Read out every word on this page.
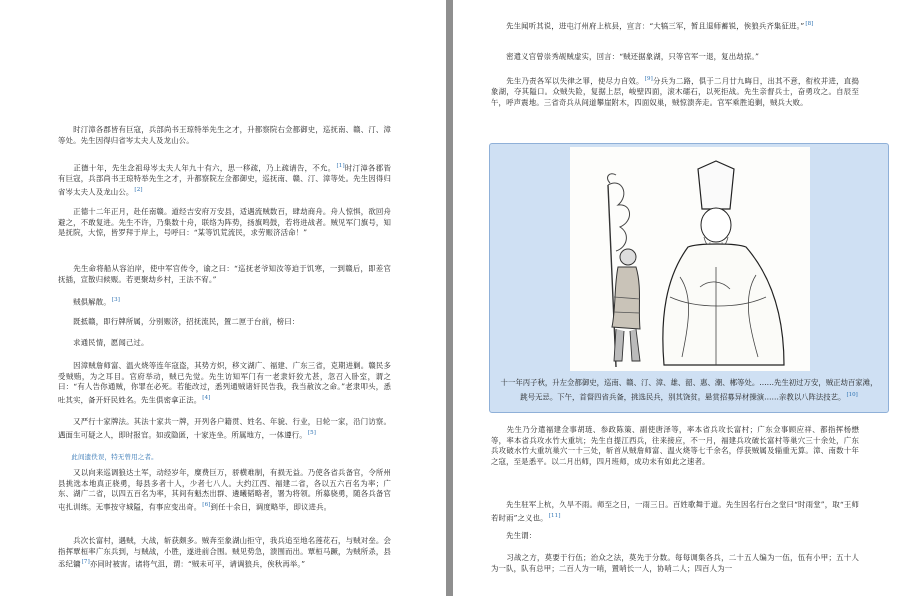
　　时汀漳各郡皆有巨寇，兵部尚书王琼特举先生之才，升都察院右佥都御史，巡抚南、赣、汀、漳等处。先生因得归省岑太夫人及龙山公。

　　正德十年，先生念祖母岑太夫人年九十有六，思一移疏，乃上疏请告，不允。[1]时汀漳各郡皆有巨寇，兵部尚书王琼特举先生之才，升都察院左佥都御史，巡抚南、赣、汀、漳等处。先生因得归省岑太夫人及龙山公。[2]

　　正德十二年正月，赴任南赣。道经吉安府万安县，适遇流贼数百，肆劫商舟。舟人惊惧，欲回舟避之，不敢复进。先生不许，乃集数十舟，联络为阵势，扬旗鸣鼓，若将进战者。贼见军门旗号，知是抚院，大惊，皆罗拜于岸上，号呼曰：“某等饥荒流民，求劳赈济活命！”

　　先生命将船从容泊岸，使中军官传令，谕之曰：“巡抚老爷知汝等迫于饥寒，一到赣后，即差官抚插，宣散归候赈。若更聚劫乡村，王法不宥。”

　　贼俱解散。[3]

　　既抵赣，即行牌所属，分别赈济，招抚流民，置二匣于台前，榜曰：

　　求通民情，愿闻己过。

　　因漳贼詹师富、温火烧等连年寇盗，其势方炽，移文湖广、福建、广东三省，克期进剿。赣民多受贼贿，为之耳目。官府举动，贼已先觉。先生访知军门有一老隶奸狡尤甚，忽召入卧室，谓之曰：“有人告你通贼，你罪在必死。若能改过，悉列通贼诸奸民告我，我当赦汝之命。”老隶叩头，悉吐其实，备开奸民姓名。先生俱密拿正法。[4]

　　又严行十家牌法。其法十家共一牌，开列各户籍贯、姓名、年貌、行业，日轮一家，沿门访察。遇面生可疑之人，即时报官。如或隐匿，十家连坐。所属地方，一体遵行。[5]

　　此间遗佚误，特无曾用之者。

　　又以向来巡调狼达土军，动经岁年，糜费巨万，骄横难制，有损无益。乃使各省兵备官，令所州县挑选本地真正骁勇，每县多者十人，少者七八人。大约江西、福建二省，各以五六百名为率；广东、湖广二省，以四五百名为率，其间有魁杰出群、遴曦韬略者，署为将领。所募骁勇，随各兵备官屯扎训练。无事按守城隘，有事应变出奇。[6]到任十余日，调度略毕，即议进兵。

　　兵次长富村，遇贼，大战，斩获颇多。贼奔至象湖山拒守，我兵追至地名莲花石，与贼对垒。会指挥覃桓率广东兵到，与贼战，小胜，遂进前合围。贼见势急，溃围而出。覃桓马蹶，为贼所杀，县丞纪镛[7]亦同时被害。诸将气沮，谓：“贼未可平，请调狼兵，俟秋再举。”

　　先生闻听其说，进屯汀州府上杭县，宣言：“大犒三军，暂且退师蓄锐，俟狼兵齐集征进。”[8]

　　密遣义官曾崇秀觇贼虚实，回言：“贼还据象湖，只等官军一退，复出劫掠。”

　　先生乃责各军以失律之罪，使尽力自效。[9]分兵为二路，俱于二月廿九晦日，出其不意，衔枚并进，直捣象湖，夺其隘口。众贼失险，复据上层，峻壁四面，滚木礌石，以死拒战。先生亲督兵士，奋勇攻之。自辰至午，呼声震地。三省奇兵从间道攀崖附木，四面奴巢，贼惊溃奔走。官军乘胜追剿，贼兵大败。

十一年丙子秋，升左佥都御史，巡南、赣、汀、漳、雄、韶、惠、潮、郴等处。……先生初过万安，贼正劫百家滩，跳号无忌。下午，首督四省兵备，挑选民兵，别其饶贫。悬赏招募异材操演……亲教以八阵法技艺。[10]

　　先生乃分遣福建佥事胡琏、参政陈策、副使唐泽等，率本省兵攻长富村；广东佥事顾应祥、都指挥杨懋等，率本省兵攻水竹大重坑；先生自提江西兵，往来接应，不一月，福建兵攻破长富村等巢穴三十余处，广东兵攻破水竹大重坑巢穴一十三处，斩首从贼詹师富、温火烧等七千余名，俘获贼属及辎重无算。漳、南数十年之寇，至是悉平。以二月出师，四月班师，成功未有如此之速者。

　　先生驻军上杭，久旱不雨。师至之日，一雨三日。百姓歌舞于道。先生因名行台之堂曰“时雨堂”，取“王师若时雨”之义也。[11]

　　先生谓：

　　习战之方，莫要于行伍；治众之法，莫先于分数。每每调集各兵，二十五人编为一伍，伍有小甲；五十人为一队，队有总甲；二百人为一哨，置哨长一人，协哨二人；四百人为一
